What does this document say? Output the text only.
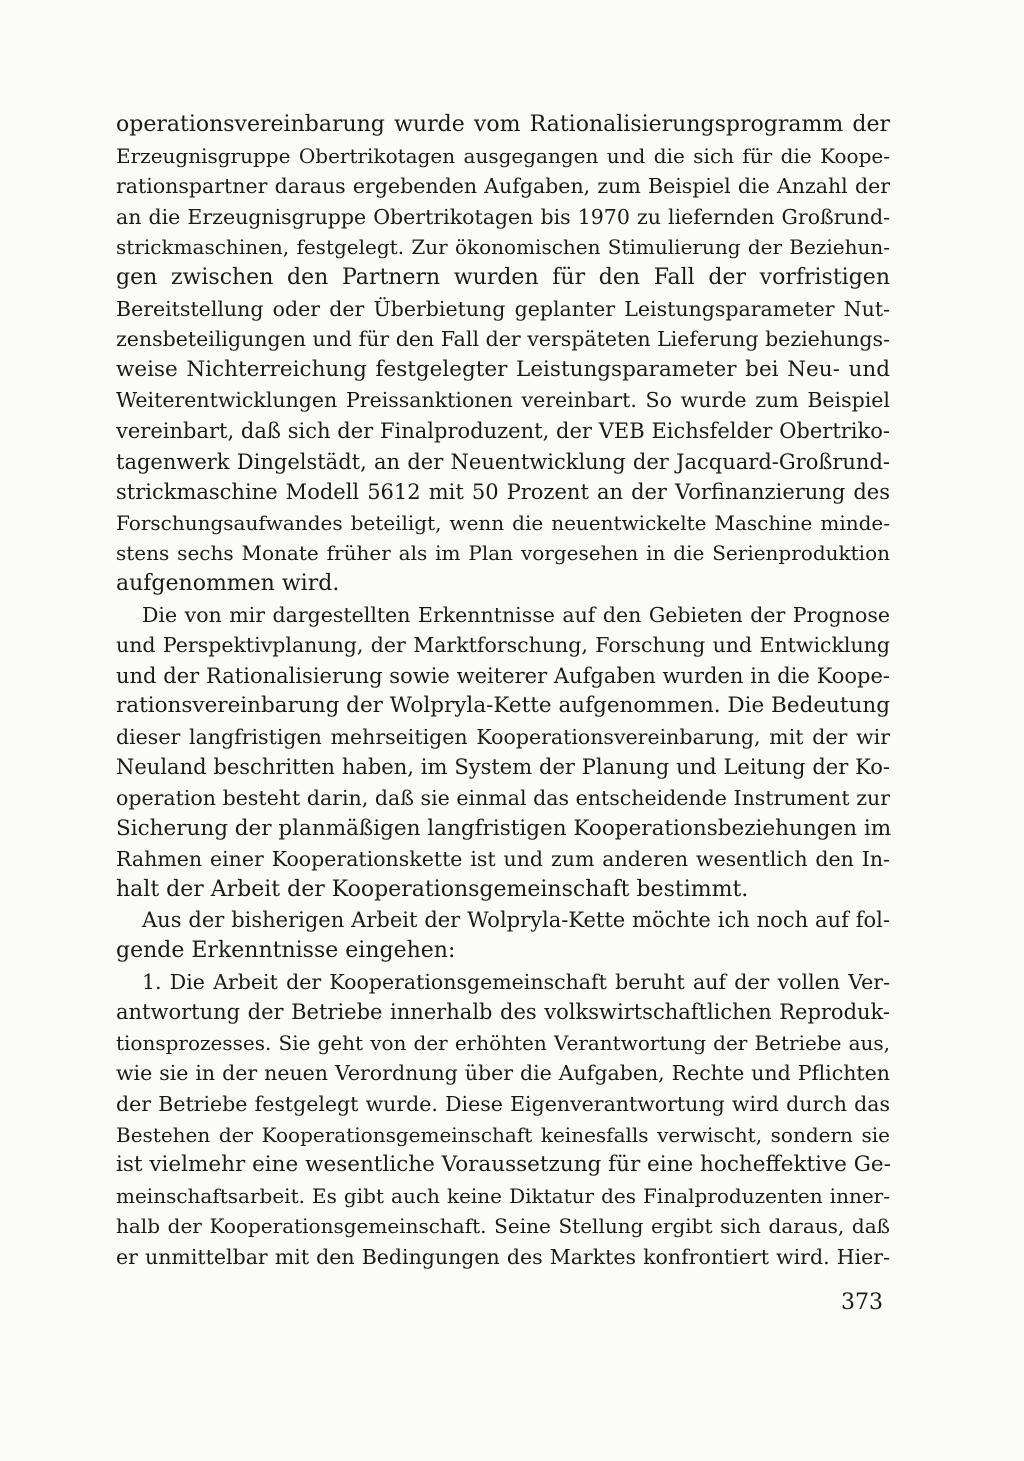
operationsvereinbarung wurde vom Rationalisierungsprogramm der
Erzeugnisgruppe Obertrikotagen ausgegangen und die sich für die Koope-
rationspartner daraus ergebenden Aufgaben, zum Beispiel die Anzahl der
an die Erzeugnisgruppe Obertrikotagen bis 1970 zu liefernden Großrund-
strickmaschinen, festgelegt. Zur ökonomischen Stimulierung der Beziehun-
gen zwischen den Partnern wurden für den Fall der vorfristigen
Bereitstellung oder der Überbietung geplanter Leistungsparameter Nut-
zensbeteiligungen und für den Fall der verspäteten Lieferung beziehungs-
weise Nichterreichung festgelegter Leistungsparameter bei Neu- und
Weiterentwicklungen Preissanktionen vereinbart. So wurde zum Beispiel
vereinbart, daß sich der Finalproduzent, der VEB Eichsfelder Obertriko-
tagenwerk Dingelstädt, an der Neuentwicklung der Jacquard-Großrund-
strickmaschine Modell 5612 mit 50 Prozent an der Vorfinanzierung des
Forschungsaufwandes beteiligt, wenn die neuentwickelte Maschine minde-
stens sechs Monate früher als im Plan vorgesehen in die Serienproduktion
aufgenommen wird.
Die von mir dargestellten Erkenntnisse auf den Gebieten der Prognose
und Perspektivplanung, der Marktforschung, Forschung und Entwicklung
und der Rationalisierung sowie weiterer Aufgaben wurden in die Koope-
rationsvereinbarung der Wolpryla-Kette aufgenommen. Die Bedeutung
dieser langfristigen mehrseitigen Kooperationsvereinbarung, mit der wir
Neuland beschritten haben, im System der Planung und Leitung der Ko-
operation besteht darin, daß sie einmal das entscheidende Instrument zur
Sicherung der planmäßigen langfristigen Kooperationsbeziehungen im
Rahmen einer Kooperationskette ist und zum anderen wesentlich den In-
halt der Arbeit der Kooperationsgemeinschaft bestimmt.
Aus der bisherigen Arbeit der Wolpryla-Kette möchte ich noch auf fol-
gende Erkenntnisse eingehen:
1. Die Arbeit der Kooperationsgemeinschaft beruht auf der vollen Ver-
antwortung der Betriebe innerhalb des volkswirtschaftlichen Reproduk-
tionsprozesses. Sie geht von der erhöhten Verantwortung der Betriebe aus,
wie sie in der neuen Verordnung über die Aufgaben, Rechte und Pflichten
der Betriebe festgelegt wurde. Diese Eigenverantwortung wird durch das
Bestehen der Kooperationsgemeinschaft keinesfalls verwischt, sondern sie
ist vielmehr eine wesentliche Voraussetzung für eine hocheffektive Ge-
meinschaftsarbeit. Es gibt auch keine Diktatur des Finalproduzenten inner-
halb der Kooperationsgemeinschaft. Seine Stellung ergibt sich daraus, daß
er unmittelbar mit den Bedingungen des Marktes konfrontiert wird. Hier-
373
